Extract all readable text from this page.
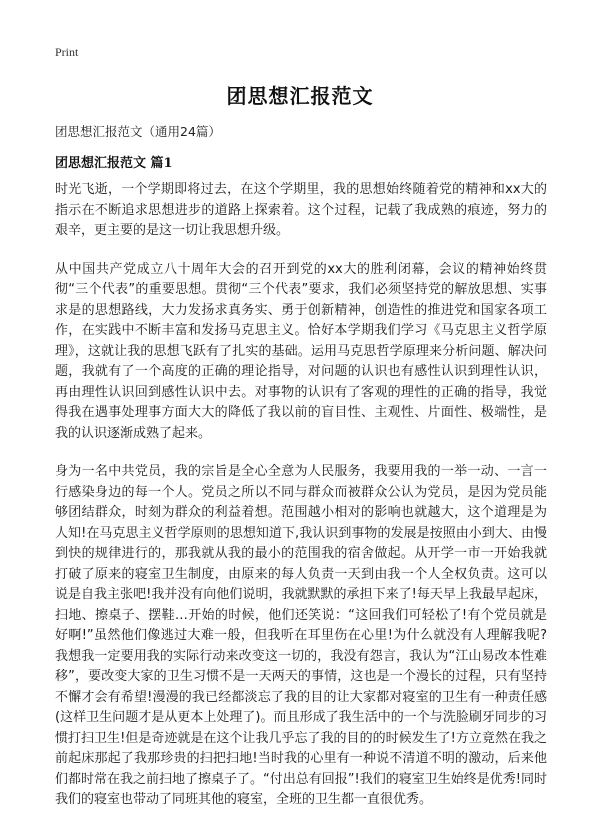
Print

团思想汇报范文

团思想汇报范文（通用24篇）

团思想汇报范文 篇1

时光飞逝，一个学期即将过去，在这个学期里，我的思想始终随着党的精神和xx大的指示在不断追求思想进步的道路上探索着。这个过程，记载了我成熟的痕迹，努力的艰辛，更主要的是这一切让我思想升级。

从中国共产党成立八十周年大会的召开到党的xx大的胜利闭幕，会议的精神始终贯彻“三个代表”的重要思想。贯彻“三个代表”要求，我们必须坚持党的解放思想、实事求是的思想路线，大力发扬求真务实、勇于创新精神，创造性的推进党和国家各项工作，在实践中不断丰富和发扬马克思主义。恰好本学期我们学习《马克思主义哲学原理》，这就让我的思想飞跃有了扎实的基础。运用马克思哲学原理来分析问题、解决问题，我就有了一个高度的正确的理论指导，对问题的认识也有感性认识到理性认识，再由理性认识回到感性认识中去。对事物的认识有了客观的理性的正确的指导，我觉得我在遇事处理事方面大大的降低了我以前的盲目性、主观性、片面性、极端性，是我的认识逐渐成熟了起来。

身为一名中共党员，我的宗旨是全心全意为人民服务，我要用我的一举一动、一言一行感染身边的每一个人。党员之所以不同与群众而被群众公认为党员，是因为党员能够团结群众，时刻为群众的利益着想。范围越小相对的影响也就越大，这个道理是为人知!在马克思主义哲学原则的思想知道下,我认识到事物的发展是按照由小到大、由慢到快的规律进行的，那我就从我的最小的范围我的宿舍做起。从开学一市一开始我就打破了原来的寝室卫生制度，由原来的每人负责一天到由我一个人全权负责。这可以说是自我主张吧!我并没有向他们说明，我就默默的承担下来了!每天早上我最早起床，扫地、擦桌子、摆鞋…开始的时候，他们还笑说：“这回我们可轻松了!有个党员就是好啊!”虽然他们像逃过大难一般，但我听在耳里伤在心里!为什么就没有人理解我呢?我想我一定要用我的实际行动来改变这一切的，我没有怨言，我认为“江山易改本性难移”，要改变大家的卫生习惯不是一天两天的事情，这也是一个漫长的过程，只有坚持不懈才会有希望!漫漫的我已经都淡忘了我的目的让大家都对寝室的卫生有一种责任感(这样卫生问题才是从更本上处理了)。而且形成了我生活中的一个与洗脸刷牙同步的习惯打扫卫生!但是奇迹就是在这个让我几乎忘了我的目的的时候发生了!方立竟然在我之前起床那起了我那珍贵的扫把扫地!当时我的心里有一种说不清道不明的激动，后来他们都时常在我之前扫地了擦桌子了。“付出总有回报”!我们的寝室卫生始终是优秀!同时我们的寝室也带动了同班其他的寝室，全班的卫生都一直很优秀。
